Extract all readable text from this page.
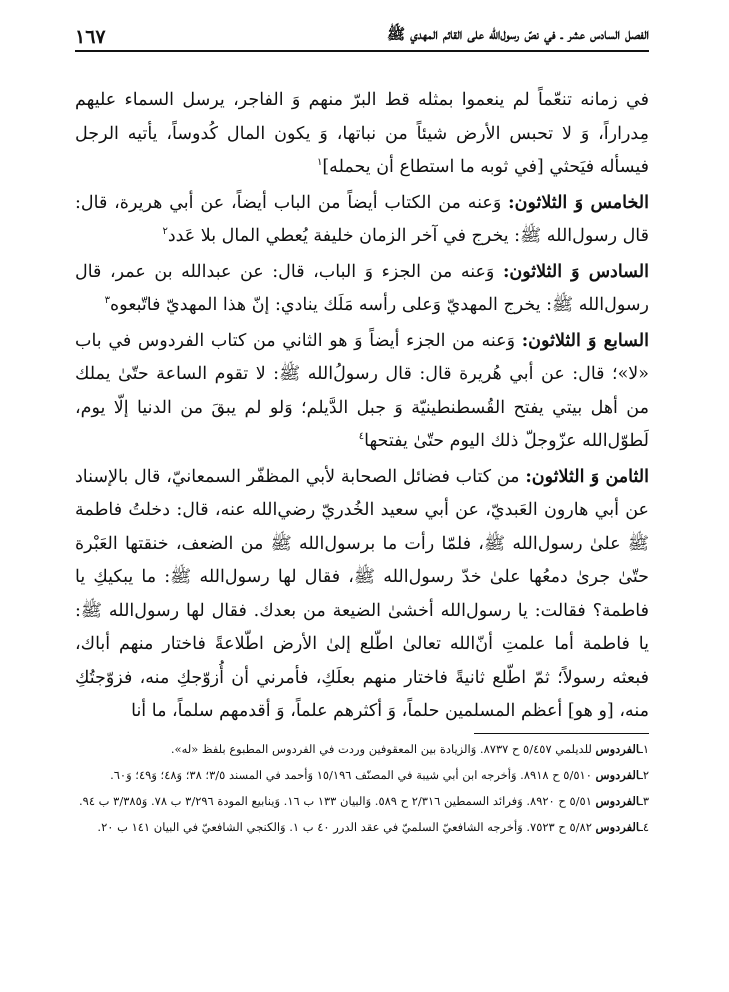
الفصل السادس عشر ـ في نصّ رسول‌الله على القائم المهدي ﷺ
١٦٧

في زمانه تنعّماً لم ينعموا بمثله قط البرّ منهم وَ الفاجر، يرسل السماء عليهم مِدراراً، وَ لا تحبس الأرض شيئاً من نباتها، وَ يكون المال كُدوساً، يأتيه الرجل فيسأله فيَحثي [في ثوبه ما استطاع أن يحمله]$^١$

الخامس وَ الثلاثون: وَعنه من الكتاب أيضاً من الباب أيضاً، عن أبي هريرة، قال: قال رسول‌الله ﷺ: يخرج في آخر الزمان خليفة يُعطي المال بلا عَدد$^٢$

السادس وَ الثلاثون: وَعنه من الجزء وَ الباب، قال: عن عبدالله بن عمر، قال رسول‌الله ﷺ: يخرج المهديّ وَعلى رأسه مَلَك ينادي: إنّ هذا المهديّ فاتّبعوه$^٣$

السابع وَ الثلاثون: وَعنه من الجزء أيضاً وَ هو الثاني من كتاب الفردوس في باب «لا»؛ قال: عن أبي هُريرة قال: قال رسولُ‌الله ﷺ: لا تقوم الساعة حتّىٰ يملك من أهل بيتي يفتح القُسطنطينيّة وَ جبل الدَّيلم؛ وَلو لم يبقَ من الدنيا إلّا يوم، لَطوّل‌الله عزّوجلّ ذلك اليوم حتّىٰ يفتحها$^٤$

الثامن وَ الثلاثون: من كتاب فضائل الصحابة لأبي المظفّر السمعانيّ، قال بالإسناد عن أبي هارون العَبديّ، عن أبي سعيد الخُدريّ رضي‌الله عنه، قال: دخلتُ فاطمة ﷺ علىٰ رسول‌الله ﷺ، فلمّا رأت ما برسول‌الله ﷺ من الضعف، خنقتها العَبْرة حتّىٰ جرىٰ دمعُها علىٰ خدّ رسول‌الله ﷺ، فقال لها رسول‌الله ﷺ: ما يبكيكِ يا فاطمة؟ فقالت: يا رسول‌الله أخشىٰ الضيعة من بعدك. فقال لها رسول‌الله ﷺ: يا فاطمة أما علمتِ أنّ‌الله تعالىٰ اطّلع إلىٰ الأرض اطّلاعةً فاختار منهم أباك، فبعثه رسولاً؛ ثمّ اطّلع ثانيةً فاختار منهم بعلَكِ، فأمرني أن أُزوّجكِ منه، فزوّجتُكِ منه، [و هو] أعظم المسلمين حلماً، وَ أكثرهم علماً، وَ أقدمهم سلماً، ما أنا

١ـالفردوس للديلمي ٥/٤٥٧ ح ٨٧٣٧. وَالزيادة بين المعقوفين وردت في الفردوس المطبوع بلفظ «له».

٢ـالفردوس ٥/٥١٠ ح ٨٩١٨. وَأخرجه ابن أبي شيبة في المصنّف ١٥/١٩٦ وَأحمد في المسند ٣/٥؛ ٣٨؛ وَ٤٨؛ وَ٤٩؛ وَ٦٠.

٣ـالفردوس ٥/٥١ ح ٨٩٢٠. وَفرائد السمطين ٢/٣١٦ ح ٥٨٩. وَالبيان ١٣٣ ب ١٦. وَينابيع المودة ٣/٢٩٦ ب ٧٨. وَ٣/٣٨٥ ب ٩٤.

٤ـالفردوس ٥/٨٢ ح ٧٥٢٣. وَأخرجه الشافعيّ السلميّ في عقد الدرر ٤٠ ب ١. وَالكنجي الشافعيّ في البيان ١٤١ ب ٢٠.
